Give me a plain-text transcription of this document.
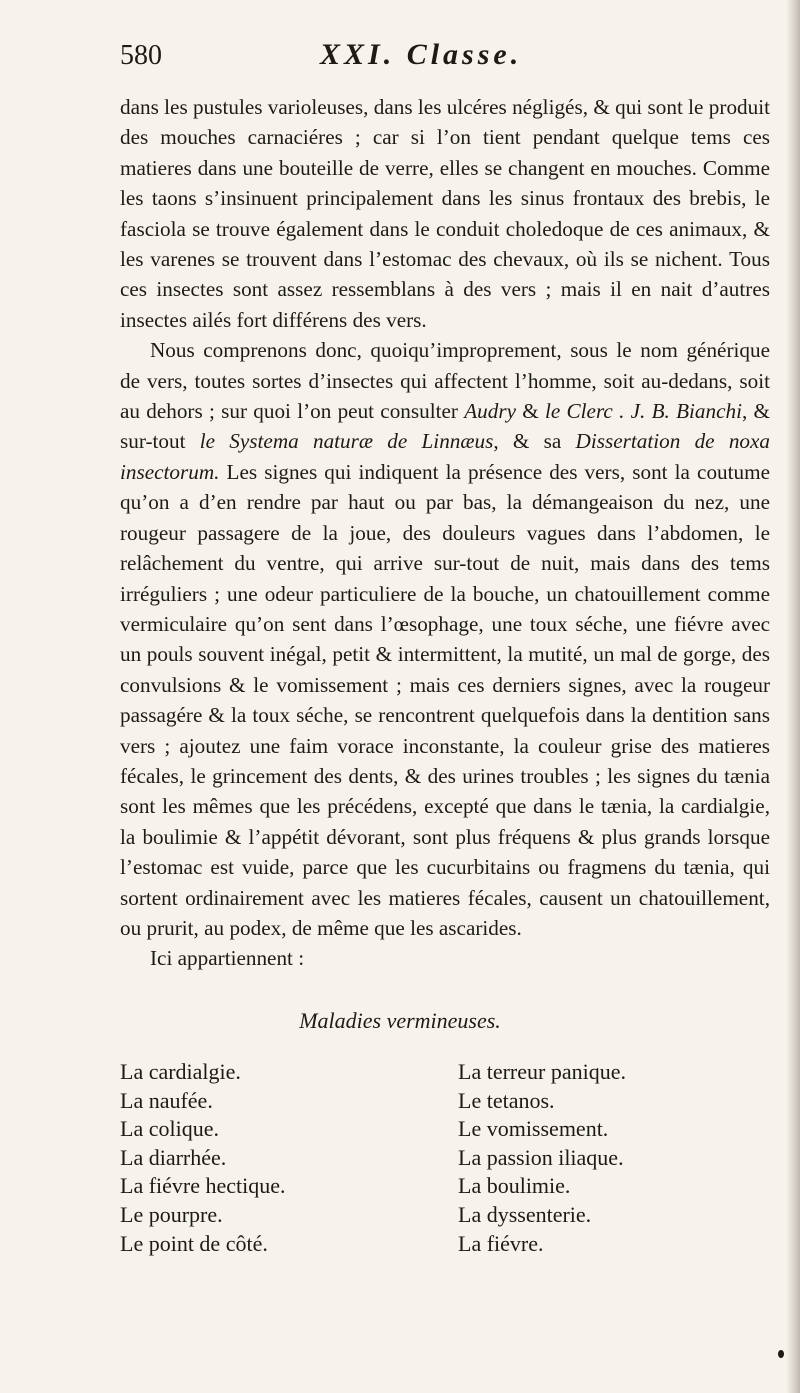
580	XXI. Classe.

dans les pustules varioleuses, dans les ulcéres négligés, & qui sont le produit des mouches carnaciéres ; car si l’on tient pendant quelque tems ces matieres dans une bouteille de verre, elles se changent en mouches. Comme les taons s’insinuent principalement dans les sinus frontaux des brebis, le fasciola se trouve également dans le conduit choledoque de ces animaux, & les varenes se trouvent dans l’estomac des chevaux, où ils se nichent. Tous ces insectes sont assez ressemblans à des vers ; mais il en nait d’autres insectes ailés fort différens des vers.

Nous comprenons donc, quoiqu’improprement, sous le nom générique de vers, toutes sortes d’insectes qui affectent l’homme, soit au-dedans, soit au dehors ; sur quoi l’on peut consulter Audry & le Clerc . J. B. Bianchi, & sur-tout le Systema naturæ de Linnæus, & sa Dissertation de noxa insectorum. Les signes qui indiquent la présence des vers, sont la coutume qu’on a d’en rendre par haut ou par bas, la démangeaison du nez, une rougeur passagere de la joue, des douleurs vagues dans l’abdomen, le relâchement du ventre, qui arrive sur-tout de nuit, mais dans des tems irréguliers ; une odeur particuliere de la bouche, un chatouillement comme vermiculaire qu’on sent dans l’œsophage, une toux séche, une fiévre avec un pouls souvent inégal, petit & intermittent, la mutité, un mal de gorge, des convulsions & le vomissement ; mais ces derniers signes, avec la rougeur passagére & la toux séche, se rencontrent quelquefois dans la dentition sans vers ; ajoutez une faim vorace inconstante, la couleur grise des matieres fécales, le grincement des dents, & des urines troubles ; les signes du tænia sont les mêmes que les précédens, excepté que dans le tænia, la cardialgie, la boulimie & l’appétit dévorant, sont plus fréquens & plus grands lorsque l’estomac est vuide, parce que les cucurbitains ou fragmens du tænia, qui sortent ordinairement avec les matieres fécales, causent un chatouillement, ou prurit, au podex, de même que les ascarides.

Ici appartiennent :

Maladies vermineuses.
La cardialgie.
La naufée.
La colique.
La diarrhée.
La fiévre hectique.
Le pourpre.
Le point de côté.
La terreur panique.
Le tetanos.
Le vomissement.
La passion iliaque.
La boulimie.
La dyssenterie.
La fiévre.
